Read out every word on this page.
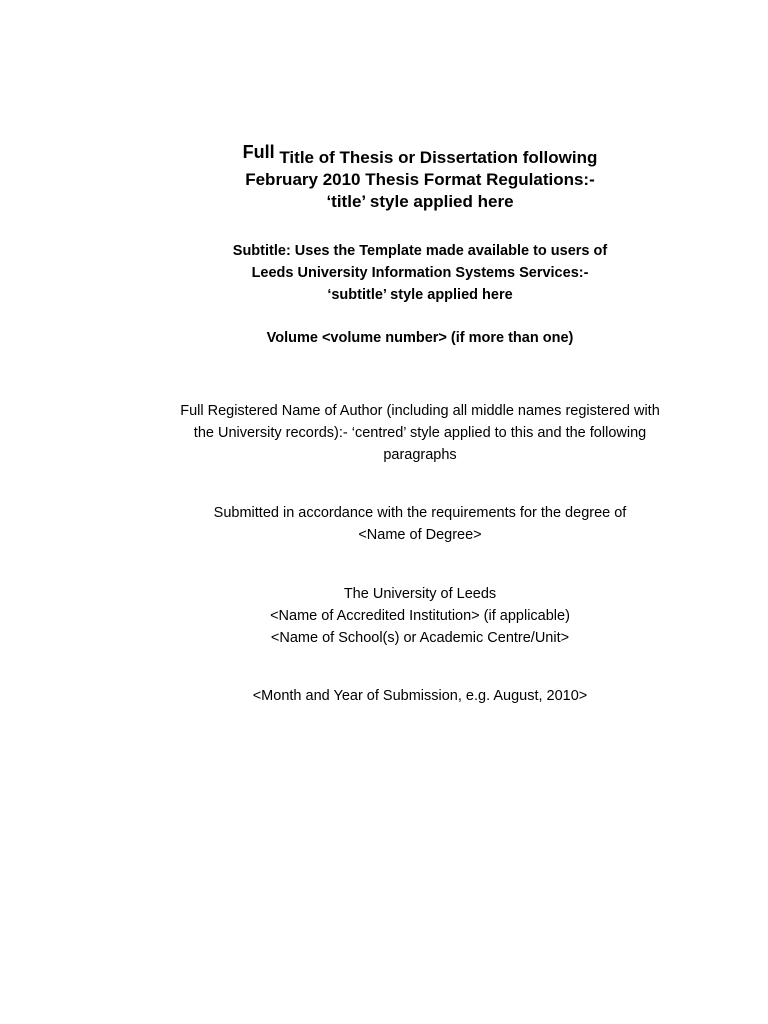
Full Title of Thesis or Dissertation following
February 2010 Thesis Format Regulations:-
‘title’ style applied here
Subtitle: Uses the Template made available to users of
Leeds University Information Systems Services:-
‘subtitle’ style applied here
Volume <volume number> (if more than one)
Full Registered Name of Author (including all middle names registered with
the University records):- ‘centred’ style applied to this and the following
paragraphs
Submitted in accordance with the requirements for the degree of
<Name of Degree>
The University of Leeds
<Name of Accredited Institution> (if applicable)
<Name of School(s) or Academic Centre/Unit>
<Month and Year of Submission, e.g. August, 2010>
